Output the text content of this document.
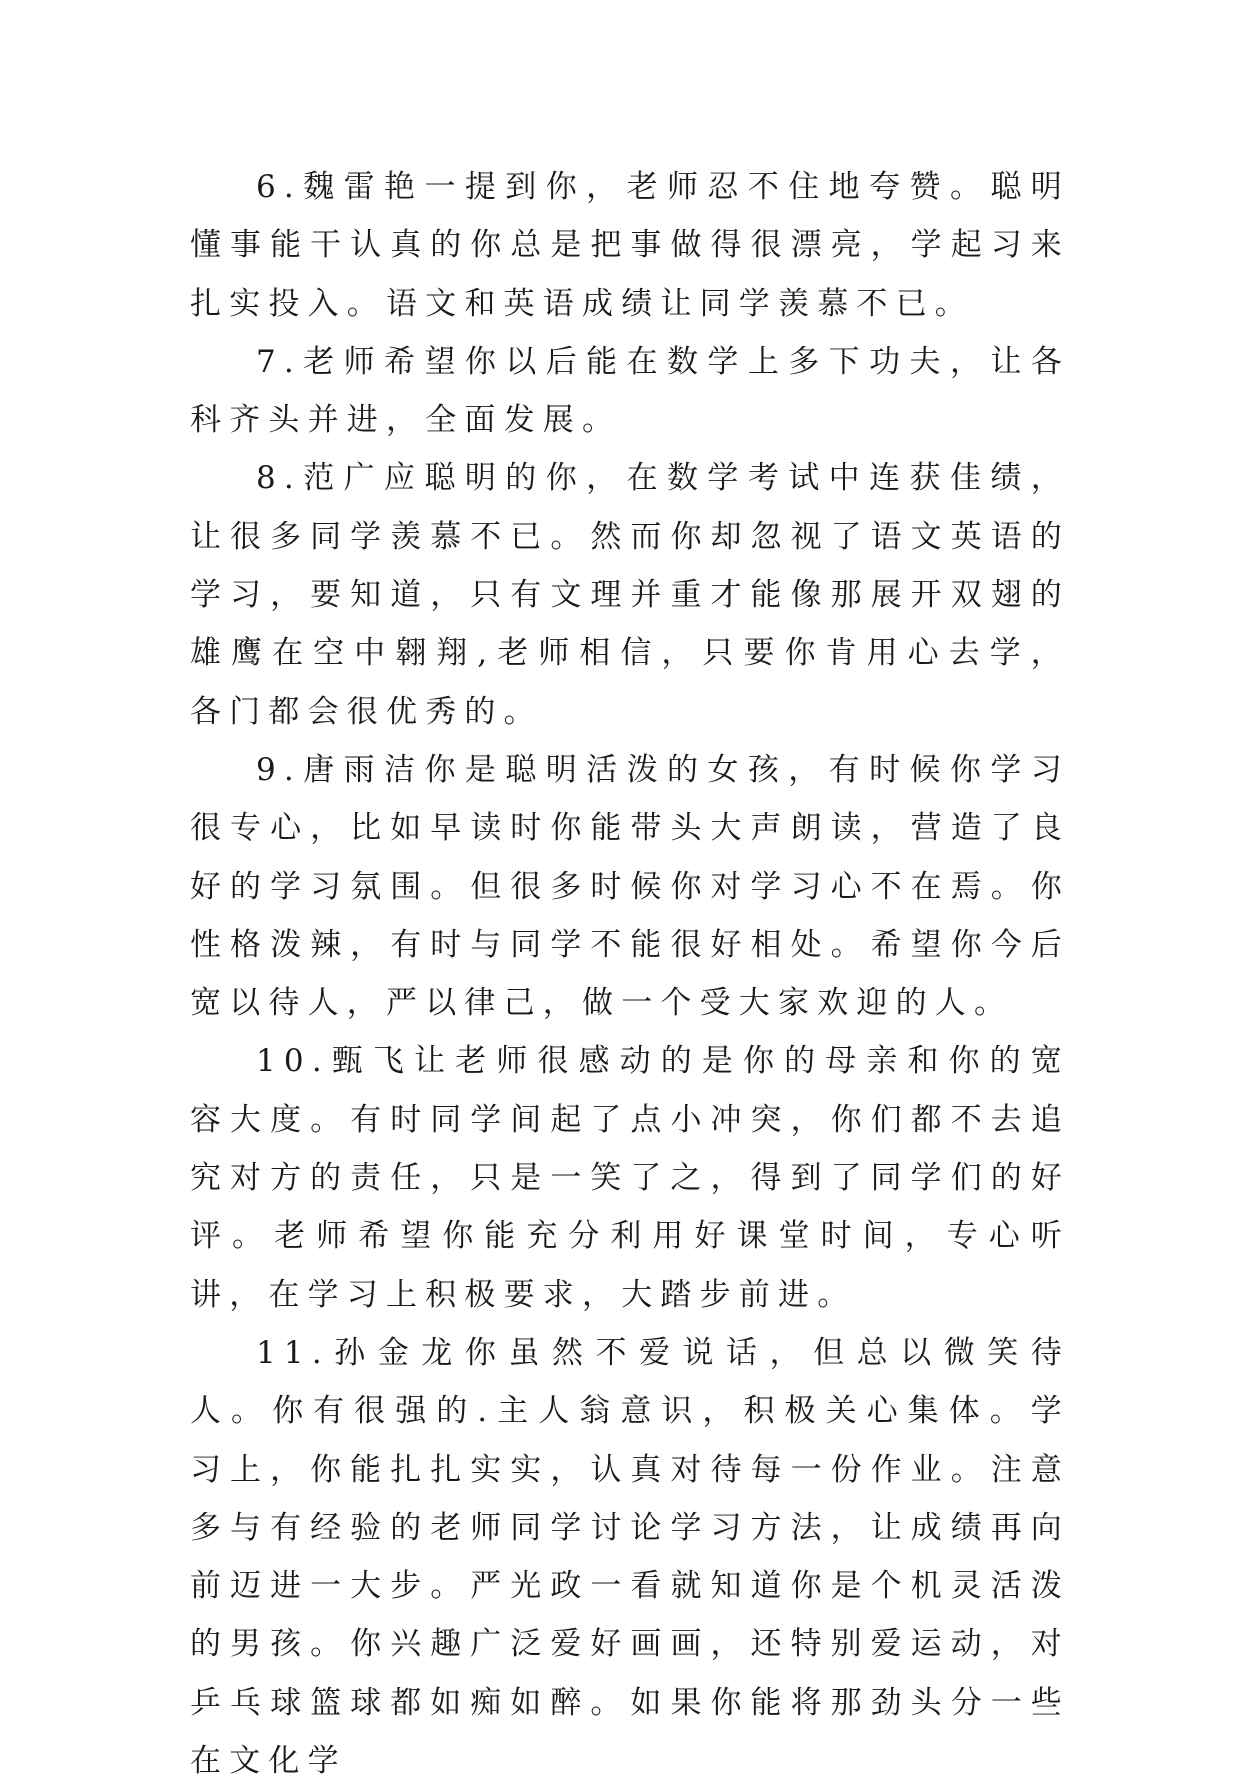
6.魏雷艳一提到你，老师忍不住地夸赞。聪明懂事能干认真的你总是把事做得很漂亮，学起习来扎实投入。语文和英语成绩让同学羡慕不已。

7.老师希望你以后能在数学上多下功夫，让各科齐头并进，全面发展。

8.范广应聪明的你，在数学考试中连获佳绩，让很多同学羡慕不已。然而你却忽视了语文英语的学习，要知道，只有文理并重才能像那展开双翅的雄鹰在空中翱翔,老师相信，只要你肯用心去学，各门都会很优秀的。

9.唐雨洁你是聪明活泼的女孩，有时候你学习很专心，比如早读时你能带头大声朗读，营造了良好的学习氛围。但很多时候你对学习心不在焉。你性格泼辣，有时与同学不能很好相处。希望你今后宽以待人，严以律己，做一个受大家欢迎的人。

10.甄飞让老师很感动的是你的母亲和你的宽容大度。有时同学间起了点小冲突，你们都不去追究对方的责任，只是一笑了之，得到了同学们的好评。老师希望你能充分利用好课堂时间，专心听讲，在学习上积极要求，大踏步前进。

11.孙金龙你虽然不爱说话，但总以微笑待人。你有很强的.主人翁意识，积极关心集体。学习上，你能扎扎实实，认真对待每一份作业。注意多与有经验的老师同学讨论学习方法，让成绩再向前迈进一大步。严光政一看就知道你是个机灵活泼的男孩。你兴趣广泛爱好画画，还特别爱运动，对乒乓球篮球都如痴如醉。如果你能将那劲头分一些在文化学
